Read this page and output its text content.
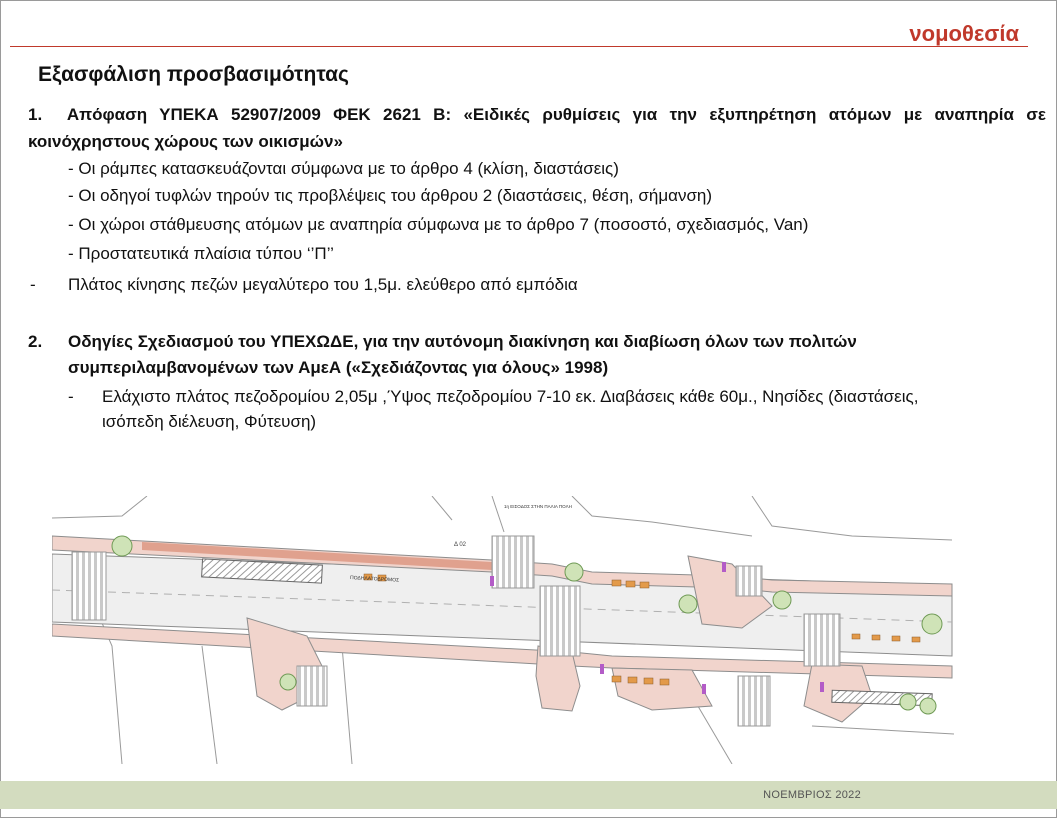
νομοθεσία
Εξασφάλιση προσβασιμότητας
1. Απόφαση ΥΠΕΚΑ 52907/2009 ΦΕΚ 2621 Β: «Ειδικές ρυθμίσεις για την εξυπηρέτηση ατόμων με αναπηρία σε κοινόχρηστους χώρους των οικισμών»
- Οι ράμπες κατασκευάζονται σύμφωνα με το άρθρο 4 (κλίση, διαστάσεις)
- Οι οδηγοί τυφλών τηρούν τις προβλέψεις του άρθρου 2 (διαστάσεις, θέση, σήμανση)
- Οι χώροι στάθμευσης ατόμων με αναπηρία σύμφωνα με το άρθρο 7 (ποσοστό, σχεδιασμός, Van)
- Προστατευτικά πλαίσια τύπου ‘’Π’’
- Πλάτος κίνησης πεζών μεγαλύτερο του 1,5μ. ελεύθερο από εμπόδια
2. Οδηγίες Σχεδιασμού του ΥΠΕΧΩΔΕ, για την αυτόνομη διακίνηση και διαβίωση όλων των πολιτών
συμπεριλαμβανομένων των ΑμεΑ («Σχεδιάζοντας για όλους» 1998)
- Ελάχιστο πλάτος πεζοδρομίου 2,05μ ,Ύψος πεζοδρομίου 7-10 εκ. Διαβάσεις κάθε 60μ., Νησίδες (διαστάσεις,
ισόπεδη διέλευση, Φύτευση)
ΠΟΔΗΛΑΤΟΔΡΟΜΟΣ
1η ΕΙΣΟΔΟΣ ΣΤΗΝ ΠΑΛΙΑ ΠΟΛΗ
Δ 02
ΝΟΕΜΒΡΙΟΣ 2022
